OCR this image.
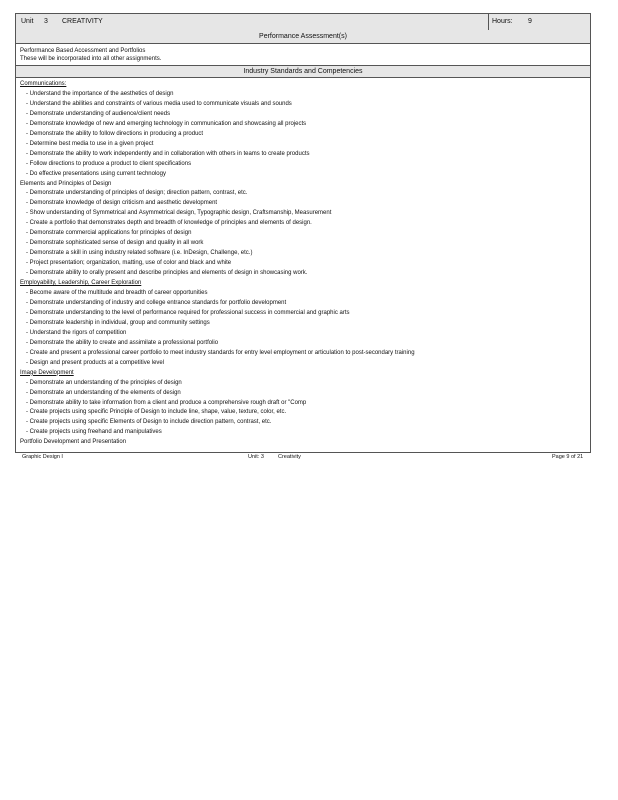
Unit 3 CREATIVITY	Hours: 9
Performance Assessment(s)
Performance Based Accessment and Portfolios
These will be incorporated into all other assignments.
Industry Standards and Competencies
Communications:
- Understand the importance of the aesthetics of design
- Understand the abilities and constraints of various media used to communicate visuals and sounds
- Demonstrate understanding of audience/client needs
- Demonstrate knowledge of new and emerging technology in communication and showcasing all projects
- Demonstrate the ability to follow directions in producing a product
- Determine best media to use in a given project
- Demonstrate the ability to work independently and in collaboration with others in teams to create products
- Follow directions to produce a product to client specifications
- Do effective presentations using current technology
Elements and Principles of Design
- Demonstrate understanding of principles of design; direction pattern, contrast, etc.
- Demonstrate knowledge of design criticism and aesthetic development
- Show understanding of Symmetrical and Asymmetrical design, Typographic design, Craftsmanship, Measurement
- Create a portfolio that demonstrates depth and breadth of knowledge of principles and elements of design.
- Demonstrate commercial applications for principles of design
- Demonstrate sophisticated sense of design and quality in all work
- Demonstrate a skill in using industry related software (i.e. InDesign, Challenge, etc.)
- Project presentation; organization, matting, use of color and black and white
- Demonstrate ability to orally present and describe principles and elements of design in showcasing work.
Employability, Leadership, Career Exploration
- Become aware of the multitude and breadth of career opportunities
- Demonstrate understanding of industry and college entrance standards for portfolio development
- Demonstrate understanding to the level of performance required for professional success in commercial and graphic arts
- Demonstrate leadership in individual, group and community settings
- Understand the rigors of competition
- Demonstrate the ability to create and assimilate a professional portfolio
- Create and present a professional career portfolio to meet industry standards for entry level employment or articulation to post-secondary training
- Design and present products at a competitive level
Image Development
- Demonstrate an understanding of the principles of design
- Demonstrate an understanding of the elements of design
- Demonstrate ability to take information from a client and produce a comprehensive rough draft or "Comp
- Create projects using specific Principle of Design to include line, shape, value, texture, color, etc.
- Create projects using specific Elements of Design to include direction pattern, contrast, etc.
- Create projects using freehand and manipulatives
Portfolio Development and Presentation
Graphic Design I	Unit: 3	Creativity	Page 9 of 21
